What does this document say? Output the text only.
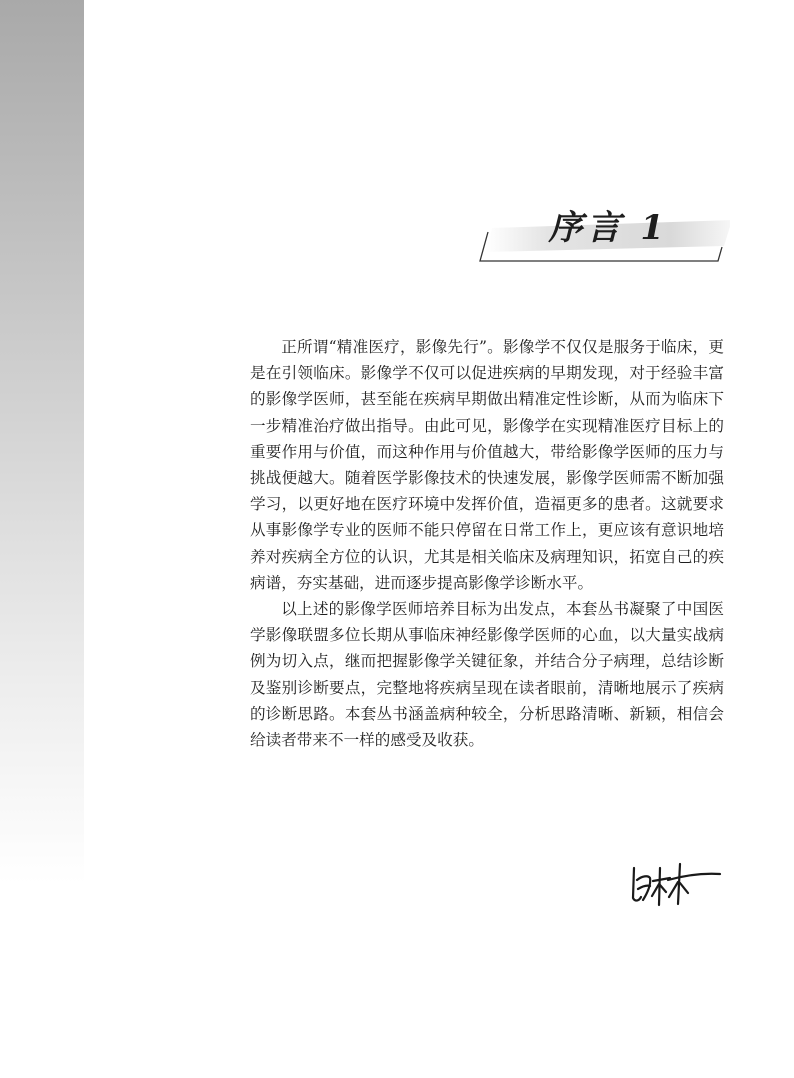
序言 1

正所谓“精准医疗，影像先行”。影像学不仅仅是服务于临床，更是在引领临床。影像学不仅可以促进疾病的早期发现，对于经验丰富的影像学医师，甚至能在疾病早期做出精准定性诊断，从而为临床下一步精准治疗做出指导。由此可见，影像学在实现精准医疗目标上的重要作用与价值，而这种作用与价值越大，带给影像学医师的压力与挑战便越大。随着医学影像技术的快速发展，影像学医师需不断加强学习，以更好地在医疗环境中发挥价值，造福更多的患者。这就要求从事影像学专业的医师不能只停留在日常工作上，更应该有意识地培养对疾病全方位的认识，尤其是相关临床及病理知识，拓宽自己的疾病谱，夯实基础，进而逐步提高影像学诊断水平。

以上述的影像学医师培养目标为出发点，本套丛书凝聚了中国医学影像联盟多位长期从事临床神经影像学医师的心血，以大量实战病例为切入点，继而把握影像学关键征象，并结合分子病理，总结诊断及鉴别诊断要点，完整地将疾病呈现在读者眼前，清晰地展示了疾病的诊断思路。本套丛书涵盖病种较全，分析思路清晰、新颖，相信会给读者带来不一样的感受及收获。
